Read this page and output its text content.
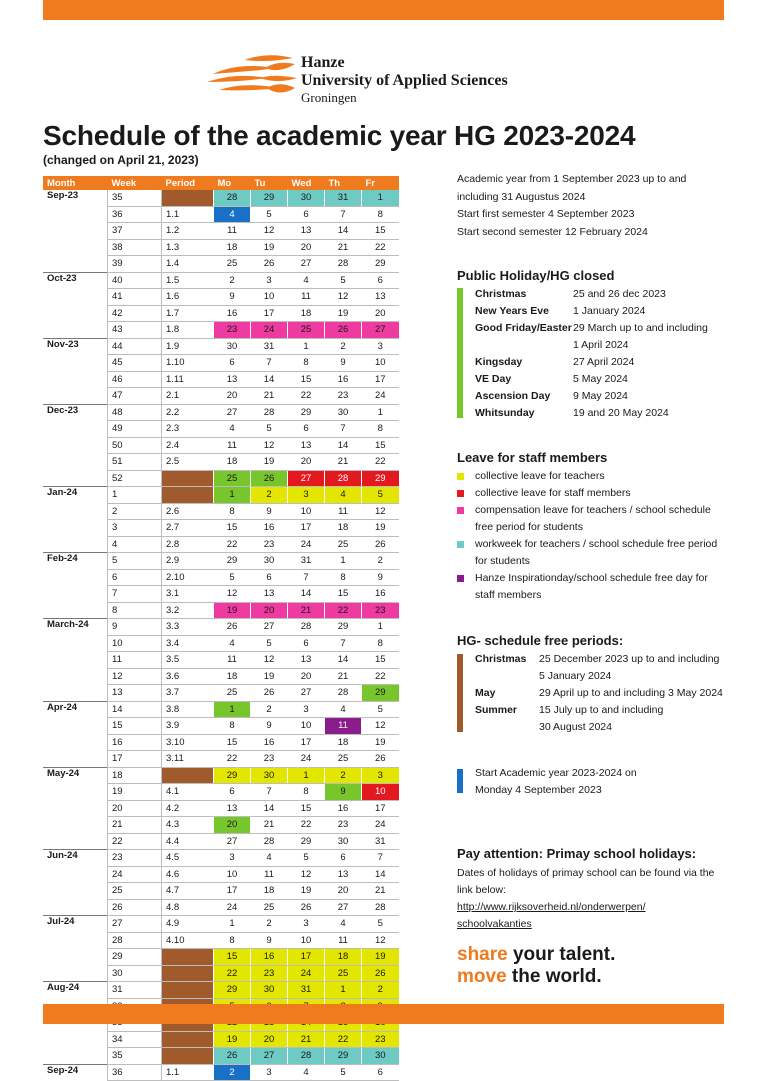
Hanze
University of Applied Sciences
Groningen
Schedule of the academic year HG 2023-2024
(changed on April 21, 2023)
Month	Week	Period	Mo	Tu	Wed	Th	Fr
Sep-23	35		28	29	30	31	1
	36	1.1	4	5	6	7	8
	37	1.2	11	12	13	14	15
	38	1.3	18	19	20	21	22
	39	1.4	25	26	27	28	29
Oct-23	40	1.5	2	3	4	5	6
	41	1.6	9	10	11	12	13
	42	1.7	16	17	18	19	20
	43	1.8	23	24	25	26	27
Nov-23	44	1.9	30	31	1	2	3
	45	1.10	6	7	8	9	10
	46	1.11	13	14	15	16	17
	47	2.1	20	21	22	23	24
Dec-23	48	2.2	27	28	29	30	1
	49	2.3	4	5	6	7	8
	50	2.4	11	12	13	14	15
	51	2.5	18	19	20	21	22
	52		25	26	27	28	29
Jan-24	1		1	2	3	4	5
	2	2.6	8	9	10	11	12
	3	2.7	15	16	17	18	19
	4	2.8	22	23	24	25	26
Feb-24	5	2.9	29	30	31	1	2
	6	2.10	5	6	7	8	9
	7	3.1	12	13	14	15	16
	8	3.2	19	20	21	22	23
March-24	9	3.3	26	27	28	29	1
	10	3.4	4	5	6	7	8
	11	3.5	11	12	13	14	15
	12	3.6	18	19	20	21	22
	13	3.7	25	26	27	28	29
Apr-24	14	3.8	1	2	3	4	5
	15	3.9	8	9	10	11	12
	16	3.10	15	16	17	18	19
	17	3.11	22	23	24	25	26
May-24	18		29	30	1	2	3
	19	4.1	6	7	8	9	10
	20	4.2	13	14	15	16	17
	21	4.3	20	21	22	23	24
	22	4.4	27	28	29	30	31
Jun-24	23	4.5	3	4	5	6	7
	24	4.6	10	11	12	13	14
	25	4.7	17	18	19	20	21
	26	4.8	24	25	26	27	28
Jul-24	27	4.9	1	2	3	4	5
	28	4.10	8	9	10	11	12
	29		15	16	17	18	19
	30		22	23	24	25	26
Aug-24	31		29	30	31	1	2

	34		19	20	21	22	23
	35		26	27	28	29	30
Sep-24	36	1.1	2	3	4	5	6
Academic year from 1 September 2023 up to and
including 31 Augustus 2024
Start first semester 4 September 2023
Start second semester 12 February 2024
Public Holiday/HG closed
Christmas	25 and 26 dec 2023
New Years Eve	1 January 2024
Good Friday/Easter 29 March up to and including
1 April 2024
Kingsday	27 April 2024
VE Day	5 May 2024
Ascension Day	9 May 2024
Whitsunday	19 and 20 May 2024
Leave for staff members
collective leave for teachers
collective leave for staff members
compensation leave for teachers / school schedule
free period for students
workweek for teachers / school schedule free period
for students
Hanze Inspirationday/school schedule free day for
staff members
HG- schedule free periods:
Christmas	25 December 2023 up to and including
5 January 2024
May	29 April up to and including 3 May 2024
Summer	15 July up to and including
30 August 2024
Start Academic year 2023-2024 on
Monday 4 September 2023
Pay attention: Primay school holidays:
Dates of holidays of primay school can be found via the
link below:
http://www.rijksoverheid.nl/onderwerpen/
schoolvakanties
share your talent.
move the world.
